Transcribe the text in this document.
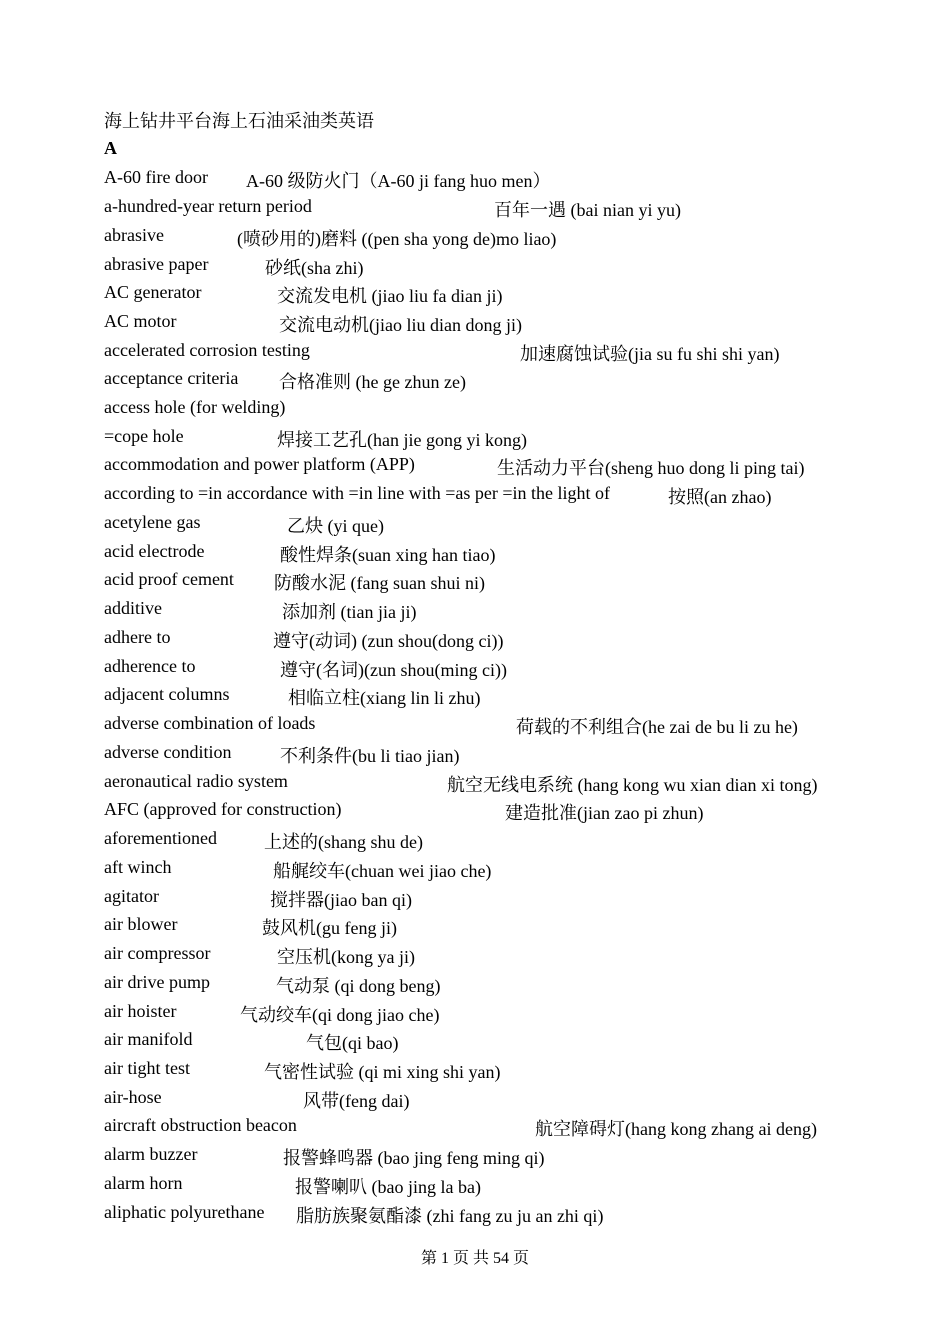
海上钻井平台海上石油采油类英语
A
A-60 fire door A-60 级防火门（A-60 ji fang huo men）
a-hundred-year return period	百年一遇 (bai nian yi yu)
abrasive	(喷砂用的)磨料 ((pen sha yong de)mo liao)
abrasive paper	砂纸(sha zhi)
AC generator	交流发电机 (jiao liu fa dian ji)
AC motor	交流电动机(jiao liu dian dong ji)
accelerated corrosion testing	加速腐蚀试验(jia su fu shi shi yan)
acceptance criteria 合格准则 (he ge zhun ze)
access hole (for welding)
=cope hole	焊接工艺孔(han jie gong yi kong)
accommodation and power platform (APP)	生活动力平台(sheng huo dong li ping tai)
according to =in accordance with =in line with =as per =in the light of	按照(an zhao)
acetylene gas	乙炔 (yi que)
acid electrode	酸性焊条(suan xing han tiao)
acid proof cement 防酸水泥 (fang suan shui ni)
additive	添加剂 (tian jia ji)
adhere to	遵守(动词) (zun shou(dong ci))
adherence to	遵守(名词)(zun shou(ming ci))
adjacent columns	相临立柱(xiang lin li zhu)
adverse combination of loads	荷载的不利组合(he zai de bu li zu he)
adverse condition	不利条件(bu li tiao jian)
aeronautical radio system	航空无线电系统 (hang kong wu xian dian xi tong)
AFC (approved for construction)	建造批准(jian zao pi zhun)
aforementioned	上述的(shang shu de)
aft winch	船艉绞车(chuan wei jiao che)
agitator	搅拌器(jiao ban qi)
air blower	鼓风机(gu feng ji)
air compressor	空压机(kong ya ji)
air drive pump	气动泵 (qi dong beng)
air hoister	气动绞车(qi dong jiao che)
air manifold	气包(qi bao)
air tight test	气密性试验 (qi mi xing shi yan)
air-hose	风带(feng dai)
aircraft obstruction beacon	航空障碍灯(hang kong zhang ai deng)
alarm buzzer	报警蜂鸣器 (bao jing feng ming qi)
alarm horn	报警喇叭 (bao jing la ba)
aliphatic polyurethane 脂肪族聚氨酯漆 (zhi fang zu ju an zhi qi)
第 1 页 共 54 页
